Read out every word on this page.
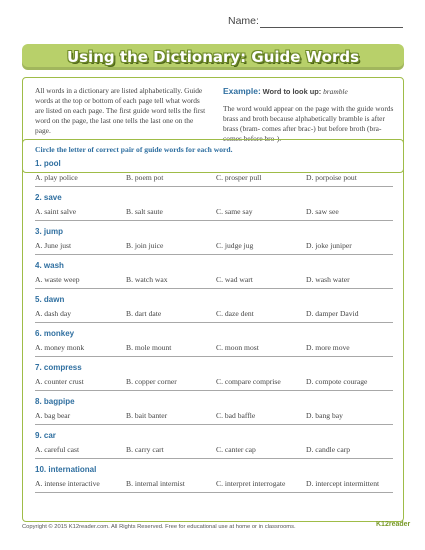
Name:
Using the Dictionary: Guide Words
All words in a dictionary are listed alphabetically. Guide words at the top or bottom of each page tell what words are listed on each page. The first guide word tells the first word on the page, the last one tells the last one on the page.
Example: Word to look up: bramble
The word would appear on the page with the guide words brass and broth because alphabetically bramble is after brass (bram- comes after brac-) but before broth (bra- comes before bro-).
Circle the letter of correct pair of guide words for each word.
1. pool
A. play police	B. poem pot	C. prosper pull	D. porpoise pout
2. save
A. saint salve	B. salt saute	C. same say	D. saw see
3. jump
A. June just	B. join juice	C. judge jug	D. joke juniper
4. wash
A. waste weep	B. watch wax	C. wad wart	D. wash water
5. dawn
A. dash day	B. dart date	C. daze dent	D. damper David
6. monkey
A. money monk	B. mole mount	C. moon most	D. more move
7. compress
A. counter crust	B. copper corner	C. compare comprise	D. compote courage
8. bagpipe
A. bag bear	B. bait banter	C. bad baffle	D. bang bay
9. car
A. careful cast	B. carry cart	C. canter cap	D. candle carp
10. international
A. intense interactive	B. internal internist	C. interpret interrogate	D. intercept intermittent
Copyright © 2015 K12reader.com. All Rights Reserved. Free for educational use at home or in classrooms.	K12reader
